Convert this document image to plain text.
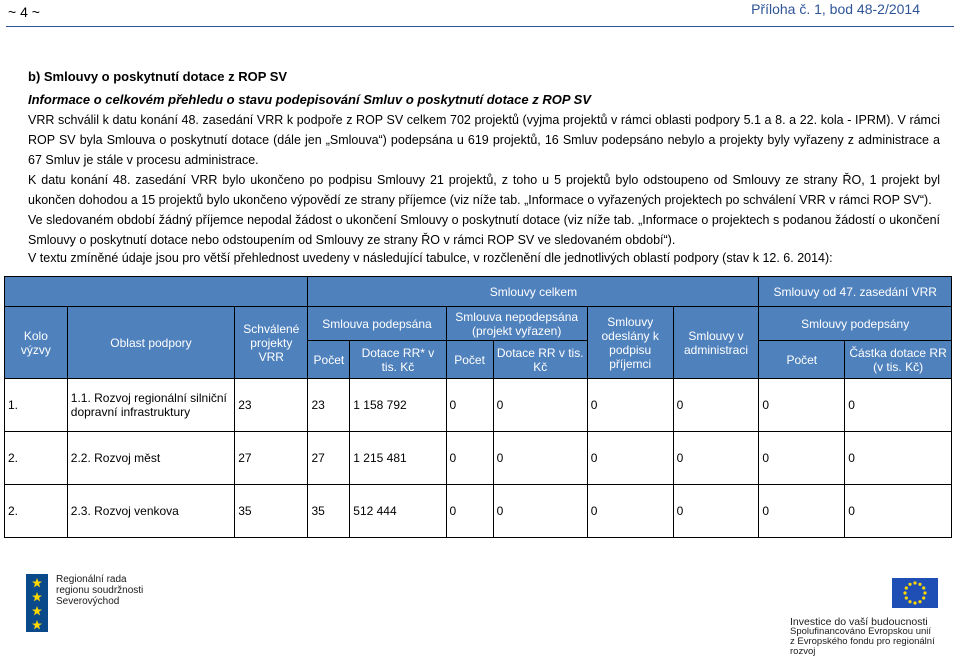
~ 4 ~	Příloha č. 1, bod 48-2/2014
b) Smlouvy o poskytnutí dotace z ROP SV
Informace o celkovém přehledu o stavu podepisování Smluv o poskytnutí dotace z ROP SV

VRR schválil k datu konání 48. zasedání VRR k podpoře z ROP SV celkem 702 projektů (vyjma projektů v rámci oblasti podpory 5.1 a 8. a 22. kola - IPRM). V rámci ROP SV byla Smlouva o poskytnutí dotace (dále jen „Smlouva“) podepsána u 619 projektů, 16 Smluv podepsáno nebylo a projekty byly vyřazeny z administrace a 67 Smluv je stále v procesu administrace.

K datu konání 48. zasedání VRR bylo ukončeno po podpisu Smlouvy 21 projektů, z toho u 5 projektů bylo odstoupeno od Smlouvy ze strany ŘO, 1 projekt byl ukončen dohodou a 15 projektů bylo ukončeno výpovědí ze strany příjemce (viz níže tab. „Informace o vyřazených projektech po schválení VRR v rámci ROP SV“).

Ve sledovaném období žádný příjemce nepodal žádost o ukončení Smlouvy o poskytnutí dotace (viz níže tab. „Informace o projektech s podanou žádostí o ukončení Smlouvy o poskytnutí dotace nebo odstoupením od Smlouvy ze strany ŘO v rámci ROP SV ve sledovaném období“).

V textu zmíněné údaje jsou pro větší přehlednost uvedeny v následující tabulce, v rozčlenění dle jednotlivých oblastí podpory (stav k 12. 6. 2014):

			Smlouvy celkem						Smlouvy od 47. zasedání VRR	
Kolo výzvy	Oblast podpory	Schválené projekty VRR	Smlouva podepsána		Smlouva nepodepsána (projekt vyřazen)		Smlouvy odeslány k podpisu příjemci	Smlouvy v administraci	Smlouvy podepsány	
			Počet	Dotace RR* v tis. Kč	Počet	Dotace RR v tis. Kč			Počet	Částka dotace RR (v tis. Kč)
1.	1.1. Rozvoj regionální silniční dopravní infrastruktury	23	23	1 158 792	0	0	0	0	0	0
2.	2.2. Rozvoj měst	27	27	1 215 481	0	0	0	0	0	0
2.	2.3. Rozvoj venkova	35	35	512 444	0	0	0	0	0	0
Regionální rada
regionu soudržnosti
Severovýchod
Investice do vaší budoucnosti
Spolufinancováno Evropskou unií
z Evropského fondu pro regionální rozvoj
